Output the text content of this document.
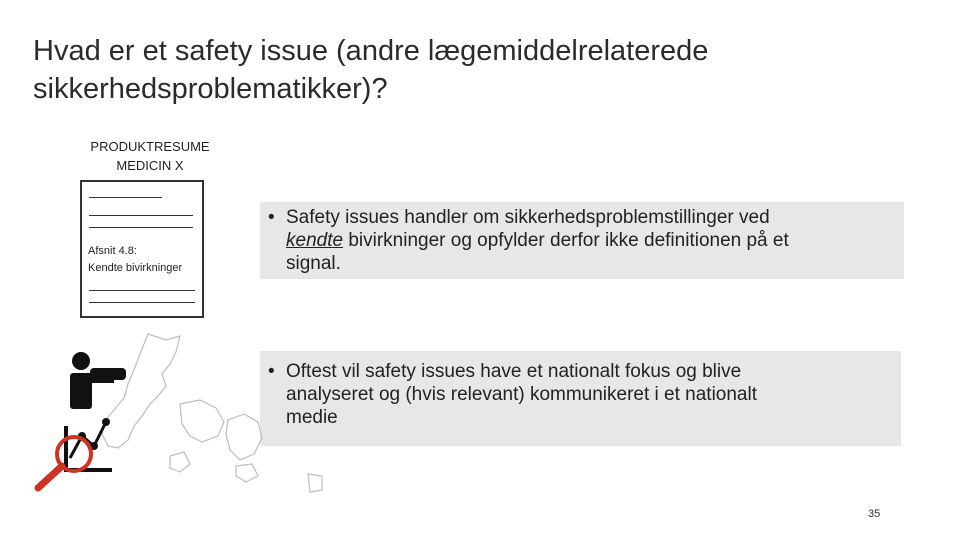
Hvad er et safety issue (andre lægemiddelrelaterede sikkerhedsproblematikker)?
PRODUKTRESUME
MEDICIN X
Afsnit 4.8:
Kendte bivirkninger
• Safety issues handler om sikkerhedsproblemstillinger ved
kendte bivirkninger og opfylder derfor ikke definitionen på et
signal.
• Oftest vil safety issues have et nationalt fokus og blive
analyseret og (hvis relevant) kommunikeret i et nationalt
medie
35
